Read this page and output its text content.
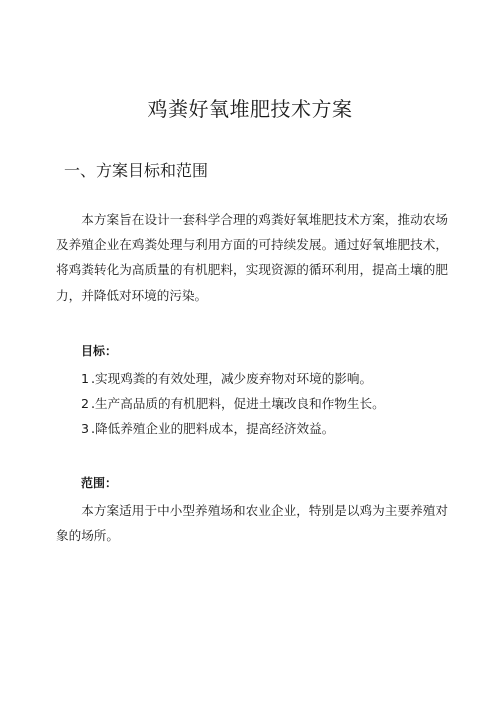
鸡粪好氧堆肥技术方案
一、方案目标和范围

本方案旨在设计一套科学合理的鸡粪好氧堆肥技术方案，推动农场及养殖企业在鸡粪处理与利用方面的可持续发展。通过好氧堆肥技术，将鸡粪转化为高质量的有机肥料，实现资源的循环利用，提高土壤的肥力，并降低对环境的污染。

目标：
1 .实现鸡粪的有效处理，减少废弃物对环境的影响。
2 .生产高品质的有机肥料，促进土壤改良和作物生长。
3 .降低养殖企业的肥料成本，提高经济效益。
范围：

本方案适用于中小型养殖场和农业企业，特别是以鸡为主要养殖对象的场所。
